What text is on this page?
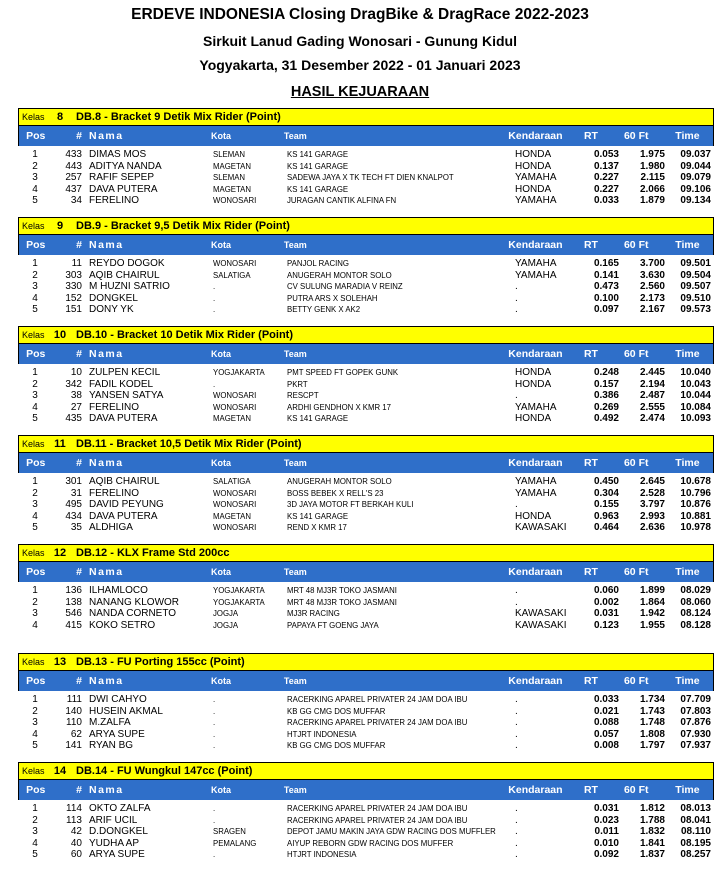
ERDEVE INDONESIA Closing DragBike & DragRace 2022-2023
Sirkuit Lanud Gading Wonosari - Gunung Kidul
Yogyakarta, 31 Desember 2022 - 01 Januari 2023
HASIL KEJUARAAN
Kelas	8	DB.8 - Bracket 9 Detik Mix Rider (Point)
Pos	# Nama	Kota	Team	Kendaraan	RT	60 Ft	Time
1	433 DIMAS MOS	SLEMAN	KS 141 GARAGE	HONDA	0.053	1.975	09.037
2	443 ADITYA NANDA	MAGETAN	KS 141 GARAGE	HONDA	0.137	1.980	09.044
3	257 RAFIF SEPEP	SLEMAN	SADEWA JAYA X TK TECH FT DIEN KNALPOT	YAMAHA	0.227	2.115	09.079
4	437 DAVA PUTERA	MAGETAN	KS 141 GARAGE	HONDA	0.227	2.066	09.106
5	34 FERELINO	WONOSARI	JURAGAN CANTIK ALFINA FN	YAMAHA	0.033	1.879	09.134
Kelas	9	DB.9 - Bracket 9,5 Detik Mix Rider (Point)
Pos	# Nama	Kota	Team	Kendaraan	RT	60 Ft	Time
1	11 REYDO DOGOK	WONOSARI	PANJOL RACING	YAMAHA	0.165	3.700	09.501
2	303 AQIB CHAIRUL	SALATIGA	ANUGERAH MONTOR SOLO	YAMAHA	0.141	3.630	09.504
3	330 M HUZNI SATRIO	.	CV SULUNG MARADIA V REINZ	.	0.473	2.560	09.507
4	152 DONGKEL	.	PUTRA ARS X SOLEHAH	.	0.100	2.173	09.510
5	151 DONY YK	.	BETTY GENK X AK2	.	0.097	2.167	09.573
Kelas 10 DB.10 - Bracket 10 Detik Mix Rider (Point)
Pos	# Nama	Kota	Team	Kendaraan	RT	60 Ft	Time
1	10 ZULPEN KECIL	YOGJAKARTA	PMT SPEED FT GOPEK GUNK	HONDA	0.248	2.445	10.040
2	342 FADIL KODEL	.	PKRT	HONDA	0.157	2.194	10.043
3	38 YANSEN SATYA	WONOSARI	RESCPT	.	0.386	2.487	10.044
4	27 FERELINO	WONOSARI	ARDHI GENDHON X KMR 17	YAMAHA	0.269	2.555	10.084
5	435 DAVA PUTERA	MAGETAN	KS 141 GARAGE	HONDA	0.492	2.474	10.093
Kelas 11 DB.11 - Bracket 10,5 Detik Mix Rider (Point)
Pos	# Nama	Kota	Team	Kendaraan	RT	60 Ft	Time
1	301 AQIB CHAIRUL	SALATIGA	ANUGERAH MONTOR SOLO	YAMAHA	0.450	2.645	10.678
2	31 FERELINO	WONOSARI	BOSS BEBEK X RELL'S 23	YAMAHA	0.304	2.528	10.796
3	495 DAVID PEYUNG	WONOSARI	3D JAYA MOTOR FT BERKAH KULI	.	0.155	3.797	10.876
4	434 DAVA PUTERA	MAGETAN	KS 141 GARAGE	HONDA	0.963	2.993	10.881
5	35 ALDHIGA	WONOSARI	REND X KMR 17	KAWASAKI	0.464	2.636	10.978
Kelas 12 DB.12 - KLX Frame Std 200cc
Pos	# Nama	Kota	Team	Kendaraan	RT	60 Ft	Time
1	136 ILHAMLOCO	YOGJAKARTA	MRT 48 MJ3R TOKO JASMANI	.	0.060	1.899	08.029
2	138 NANANG KLOWOR	YOGJAKARTA	MRT 48 MJ3R TOKO JASMANI	.	0.002	1.864	08.060
3	546 NANDA CORNETO	JOGJA	MJ3R RACING	KAWASAKI	0.031	1.942	08.124
4	415 KOKO SETRO	JOGJA	PAPAYA FT GOENG JAYA	KAWASAKI	0.123	1.955	08.128
Kelas 13 DB.13 - FU Porting 155cc (Point)
Pos	# Nama	Kota	Team	Kendaraan	RT	60 Ft	Time
1	111 DWI CAHYO	.	RACERKING APAREL PRIVATER 24 JAM DOA IBU	.	0.033	1.734	07.709
2	140 HUSEIN AKMAL	.	KB GG CMG DOS MUFFAR	.	0.021	1.743	07.803
3	110 M.ZALFA	.	RACERKING APAREL PRIVATER 24 JAM DOA IBU	.	0.088	1.748	07.876
4	62 ARYA SUPE	.	HTJRT INDONESIA	.	0.057	1.808	07.930
5	141 RYAN BG	.	KB GG CMG DOS MUFFAR	.	0.008	1.797	07.937
Kelas 14 DB.14 - FU Wungkul 147cc (Point)
Pos	# Nama	Kota	Team	Kendaraan	RT	60 Ft	Time
1	114 OKTO ZALFA	.	RACERKING APAREL PRIVATER 24 JAM DOA IBU	.	0.031	1.812	08.013
2	113 ARIF UCIL	.	RACERKING APAREL PRIVATER 24 JAM DOA IBU	.	0.023	1.788	08.041
3	42 D.DONGKEL	SRAGEN	DEPOT JAMU MAKIN JAYA GDW RACING DOS MUFFLER	.	0.011	1.832	08.110
4	40 YUDHA AP	PEMALANG	AIYUP REBORN GDW RACING DOS MUFFER	.	0.010	1.841	08.195
5	60 ARYA SUPE	.	HTJRT INDONESIA	.	0.092	1.837	08.257
